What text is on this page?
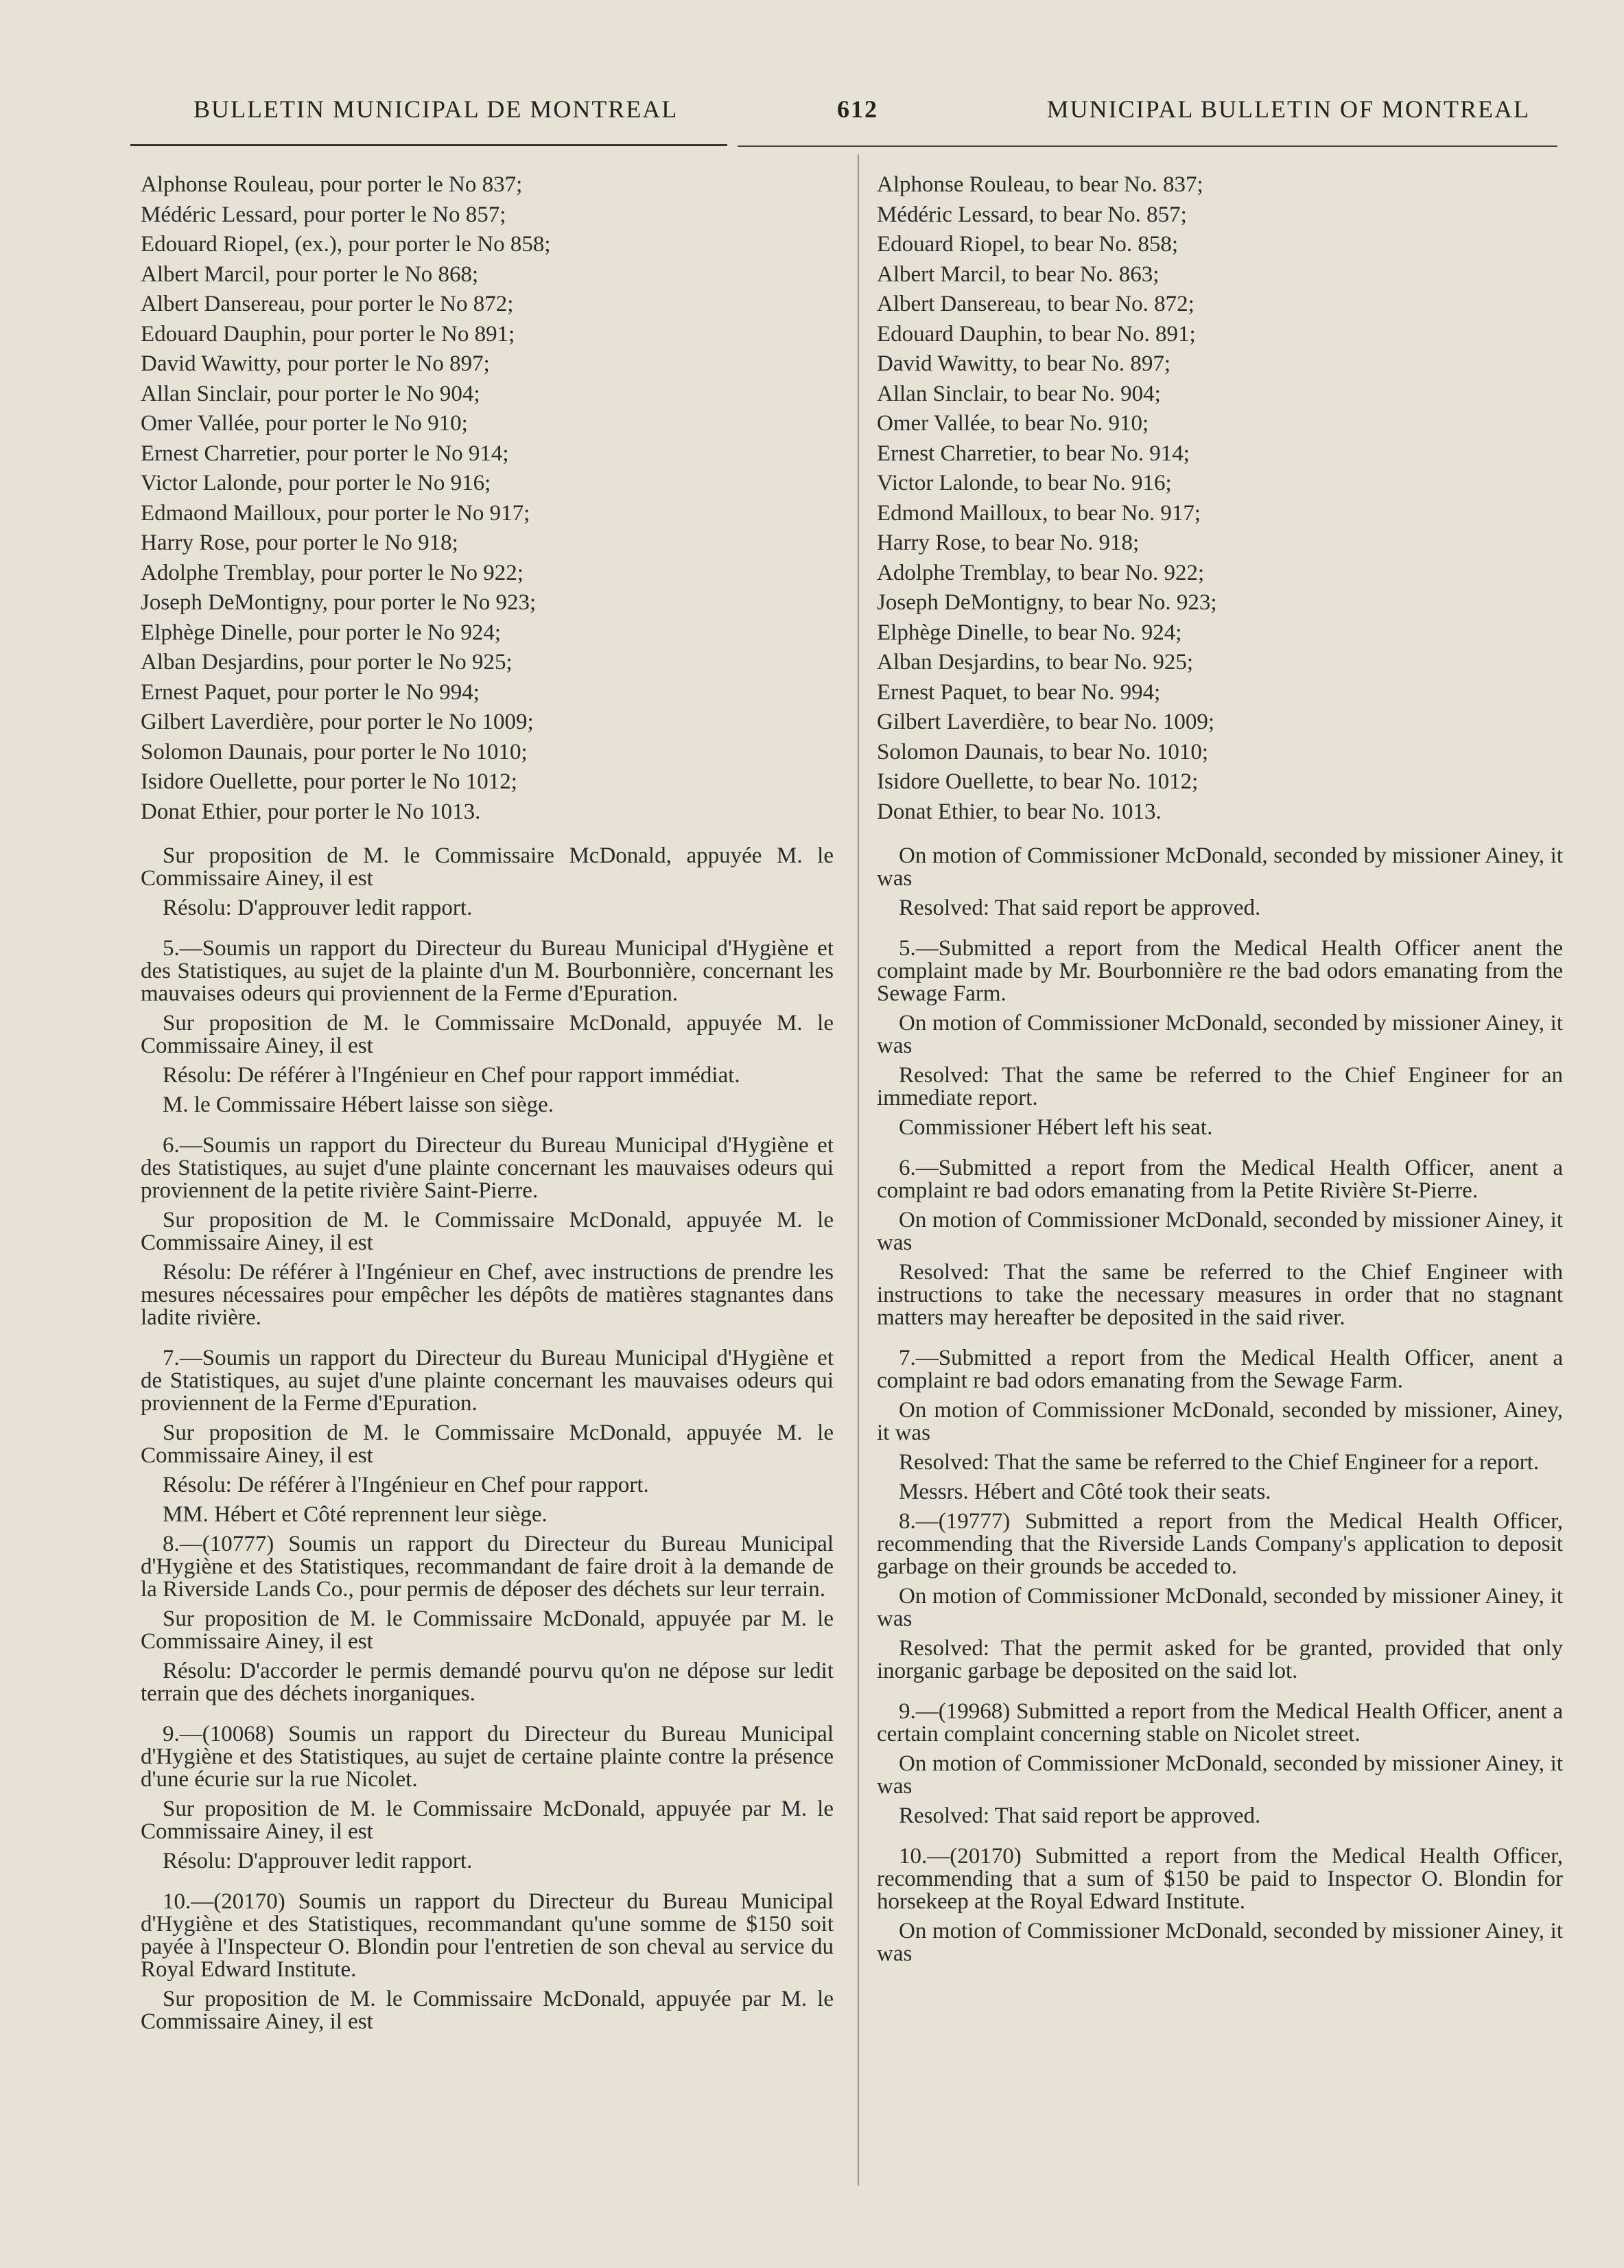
BULLETIN MUNICIPAL DE MONTREAL	612	MUNICIPAL BULLETIN OF MONTREAL
Alphonse Rouleau, pour porter le No 837;
Médéric Lessard, pour porter le No 857;
Edouard Riopel, (ex.), pour porter le No 858;
Albert Marcil, pour porter le No 868;
Albert Dansereau, pour porter le No 872;
Edouard Dauphin, pour porter le No 891;
David Wawitty, pour porter le No 897;
Allan Sinclair, pour porter le No 904;
Omer Vallée, pour porter le No 910;
Ernest Charretier, pour porter le No 914;
Victor Lalonde, pour porter le No 916;
Edmaond Mailloux, pour porter le No 917;
Harry Rose, pour porter le No 918;
Adolphe Tremblay, pour porter le No 922;
Joseph DeMontigny, pour porter le No 923;
Elphège Dinelle, pour porter le No 924;
Alban Desjardins, pour porter le No 925;
Ernest Paquet, pour porter le No 994;
Gilbert Laverdière, pour porter le No 1009;
Solomon Daunais, pour porter le No 1010;
Isidore Ouellette, pour porter le No 1012;
Donat Ethier, pour porter le No 1013.

Sur proposition de M. le Commissaire McDonald, appuyée M. le Commissaire Ainey, il est

Résolu: D'approuver ledit rapport.

5.—Soumis un rapport du Directeur du Bureau Municipal d'Hygiène et des Statistiques, au sujet de la plainte d'un M. Bourbonnière, concernant les mauvaises odeurs qui proviennent de la Ferme d'Epuration.

Sur proposition de M. le Commissaire McDonald, appuyée M. le Commissaire Ainey, il est

Résolu: De référer à l'Ingénieur en Chef pour rapport immédiat.

M. le Commissaire Hébert laisse son siège.

6.—Soumis un rapport du Directeur du Bureau Municipal d'Hygiène et des Statistiques, au sujet d'une plainte concernant les mauvaises odeurs qui proviennent de la petite rivière Saint-Pierre.

Sur proposition de M. le Commissaire McDonald, appuyée M. le Commissaire Ainey, il est

Résolu: De référer à l'Ingénieur en Chef, avec instructions de prendre les mesures nécessaires pour empêcher les dépôts de matières stagnantes dans ladite rivière.

7.—Soumis un rapport du Directeur du Bureau Municipal d'Hygiène et de Statistiques, au sujet d'une plainte concernant les mauvaises odeurs qui proviennent de la Ferme d'Epuration.

Sur proposition de M. le Commissaire McDonald, appuyée M. le Commissaire Ainey, il est

Résolu: De référer à l'Ingénieur en Chef pour rapport.

MM. Hébert et Côté reprennent leur siège.

8.—(10777) Soumis un rapport du Directeur du Bureau Municipal d'Hygiène et des Statistiques, recommandant de faire droit à la demande de la Riverside Lands Co., pour permis de déposer des déchets sur leur terrain.

Sur proposition de M. le Commissaire McDonald, appuyée par M. le Commissaire Ainey, il est

Résolu: D'accorder le permis demandé pourvu qu'on ne dépose sur ledit terrain que des déchets inorganiques.

9.—(10068) Soumis un rapport du Directeur du Bureau Municipal d'Hygiène et des Statistiques, au sujet de certaine plainte contre la présence d'une écurie sur la rue Nicolet.

Sur proposition de M. le Commissaire McDonald, appuyée par M. le Commissaire Ainey, il est

Résolu: D'approuver ledit rapport.

10.—(20170) Soumis un rapport du Directeur du Bureau Municipal d'Hygiène et des Statistiques, recommandant qu'une somme de $150 soit payée à l'Inspecteur O. Blondin pour l'entretien de son cheval au service du Royal Edward Institute.

Sur proposition de M. le Commissaire McDonald, appuyée par M. le Commissaire Ainey, il est

Alphonse Rouleau, to bear No. 837;
Médéric Lessard, to bear No. 857;
Edouard Riopel, to bear No. 858;
Albert Marcil, to bear No. 863;
Albert Dansereau, to bear No. 872;
Edouard Dauphin, to bear No. 891;
David Wawitty, to bear No. 897;
Allan Sinclair, to bear No. 904;
Omer Vallée, to bear No. 910;
Ernest Charretier, to bear No. 914;
Victor Lalonde, to bear No. 916;
Edmond Mailloux, to bear No. 917;
Harry Rose, to bear No. 918;
Adolphe Tremblay, to bear No. 922;
Joseph DeMontigny, to bear No. 923;
Elphège Dinelle, to bear No. 924;
Alban Desjardins, to bear No. 925;
Ernest Paquet, to bear No. 994;
Gilbert Laverdière, to bear No. 1009;
Solomon Daunais, to bear No. 1010;
Isidore Ouellette, to bear No. 1012;
Donat Ethier, to bear No. 1013.

On motion of Commissioner McDonald, seconded by missioner Ainey, it was

Resolved: That said report be approved.

5.—Submitted a report from the Medical Health Officer anent the complaint made by Mr. Bourbonnière re the bad odors emanating from the Sewage Farm.

On motion of Commissioner McDonald, seconded by missioner Ainey, it was

Resolved: That the same be referred to the Chief Engineer for an immediate report.

Commissioner Hébert left his seat.

6.—Submitted a report from the Medical Health Officer, anent a complaint re bad odors emanating from la Petite Rivière St-Pierre.

On motion of Commissioner McDonald, seconded by missioner Ainey, it was

Resolved: That the same be referred to the Chief Engineer with instructions to take the necessary measures in order that no stagnant matters may hereafter be deposited in the said river.

7.—Submitted a report from the Medical Health Officer, anent a complaint re bad odors emanating from the Sewage Farm.

On motion of Commissioner McDonald, seconded by missioner, Ainey, it was

Resolved: That the same be referred to the Chief Engineer for a report.

Messrs. Hébert and Côté took their seats.

8.—(19777) Submitted a report from the Medical Health Officer, recommending that the Riverside Lands Company's application to deposit garbage on their grounds be acceded to.

On motion of Commissioner McDonald, seconded by missioner Ainey, it was

Resolved: That the permit asked for be granted, provided that only inorganic garbage be deposited on the said lot.

9.—(19968) Submitted a report from the Medical Health Officer, anent a certain complaint concerning stable on Nicolet street.

On motion of Commissioner McDonald, seconded by missioner Ainey, it was

Resolved: That said report be approved.

10.—(20170) Submitted a report from the Medical Health Officer, recommending that a sum of $150 be paid to Inspector O. Blondin for horsekeep at the Royal Edward Institute.

On motion of Commissioner McDonald, seconded by missioner Ainey, it was
